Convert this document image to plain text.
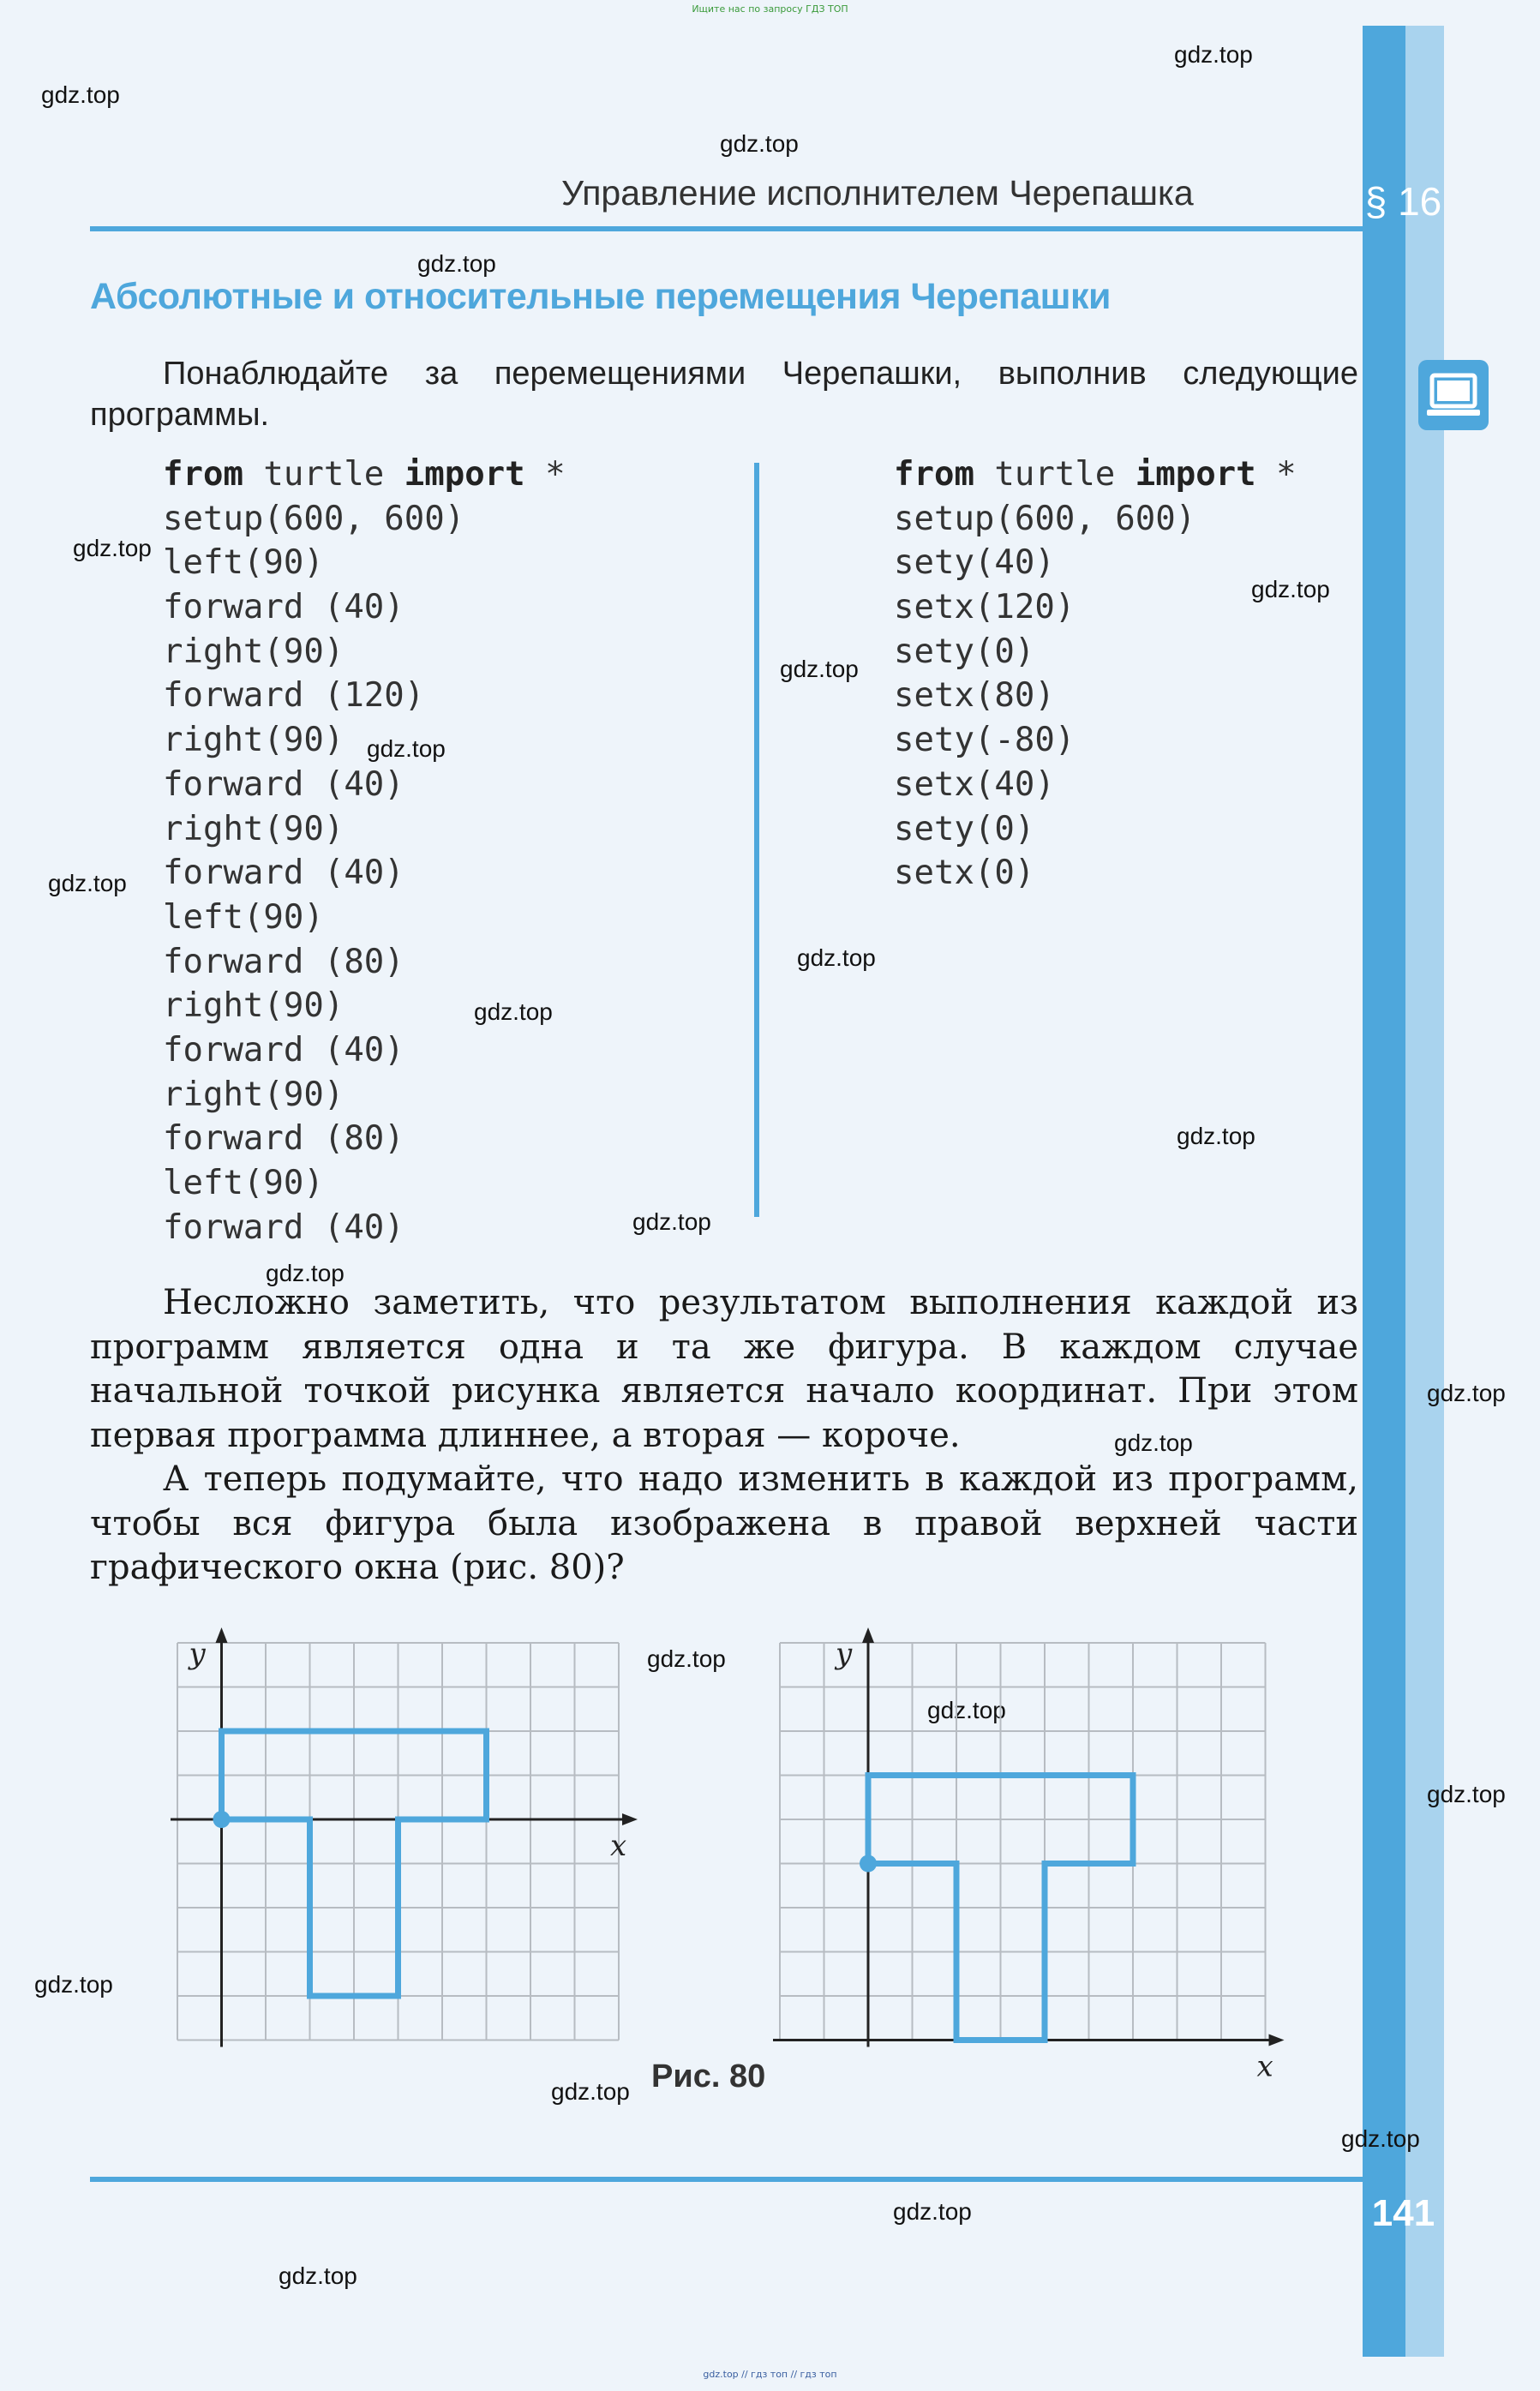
Ищите нас по запросу ГДЗ ТОП
gdz.top
gdz.top
gdz.top
gdz.top
gdz.top
gdz.top
gdz.top
gdz.top
gdz.top
gdz.top
gdz.top
gdz.top
gdz.top
gdz.top
gdz.top
gdz.top
gdz.top
gdz.top
gdz.top
gdz.top
gdz.top
gdz.top
gdz.top
gdz.top
Управление исполнителем Черепашка	§ 16
Абсолютные и относительные перемещения Черепашки
Понаблюдайте за перемещениями Черепашки, выполнив следующие программы.
from turtle import *
setup(600, 600)
left(90)
forward (40)
right(90)
forward (120)
right(90)
forward (40)
right(90)
forward (40)
left(90)
forward (80)
right(90)
forward (40)
right(90)
forward (80)
left(90)
forward (40)
from turtle import *
setup(600, 600)
sety(40)
setx(120)
sety(0)
setx(80)
sety(-80)
setx(40)
sety(0)
setx(0)

Несложно заметить, что результатом выполнения каждой из программ является одна и та же фигура. В каждом случае начальной точкой рисунка является начало координат. При этом первая программа длиннее, а вторая — короче.

А теперь подумайте, что надо изменить в каждой из программ, чтобы вся фигура была изображена в правой верхней части графического окна (рис. 80)?

x
y
x
y
Рис. 80
141
gdz.top // гдз топ // гдз топ
